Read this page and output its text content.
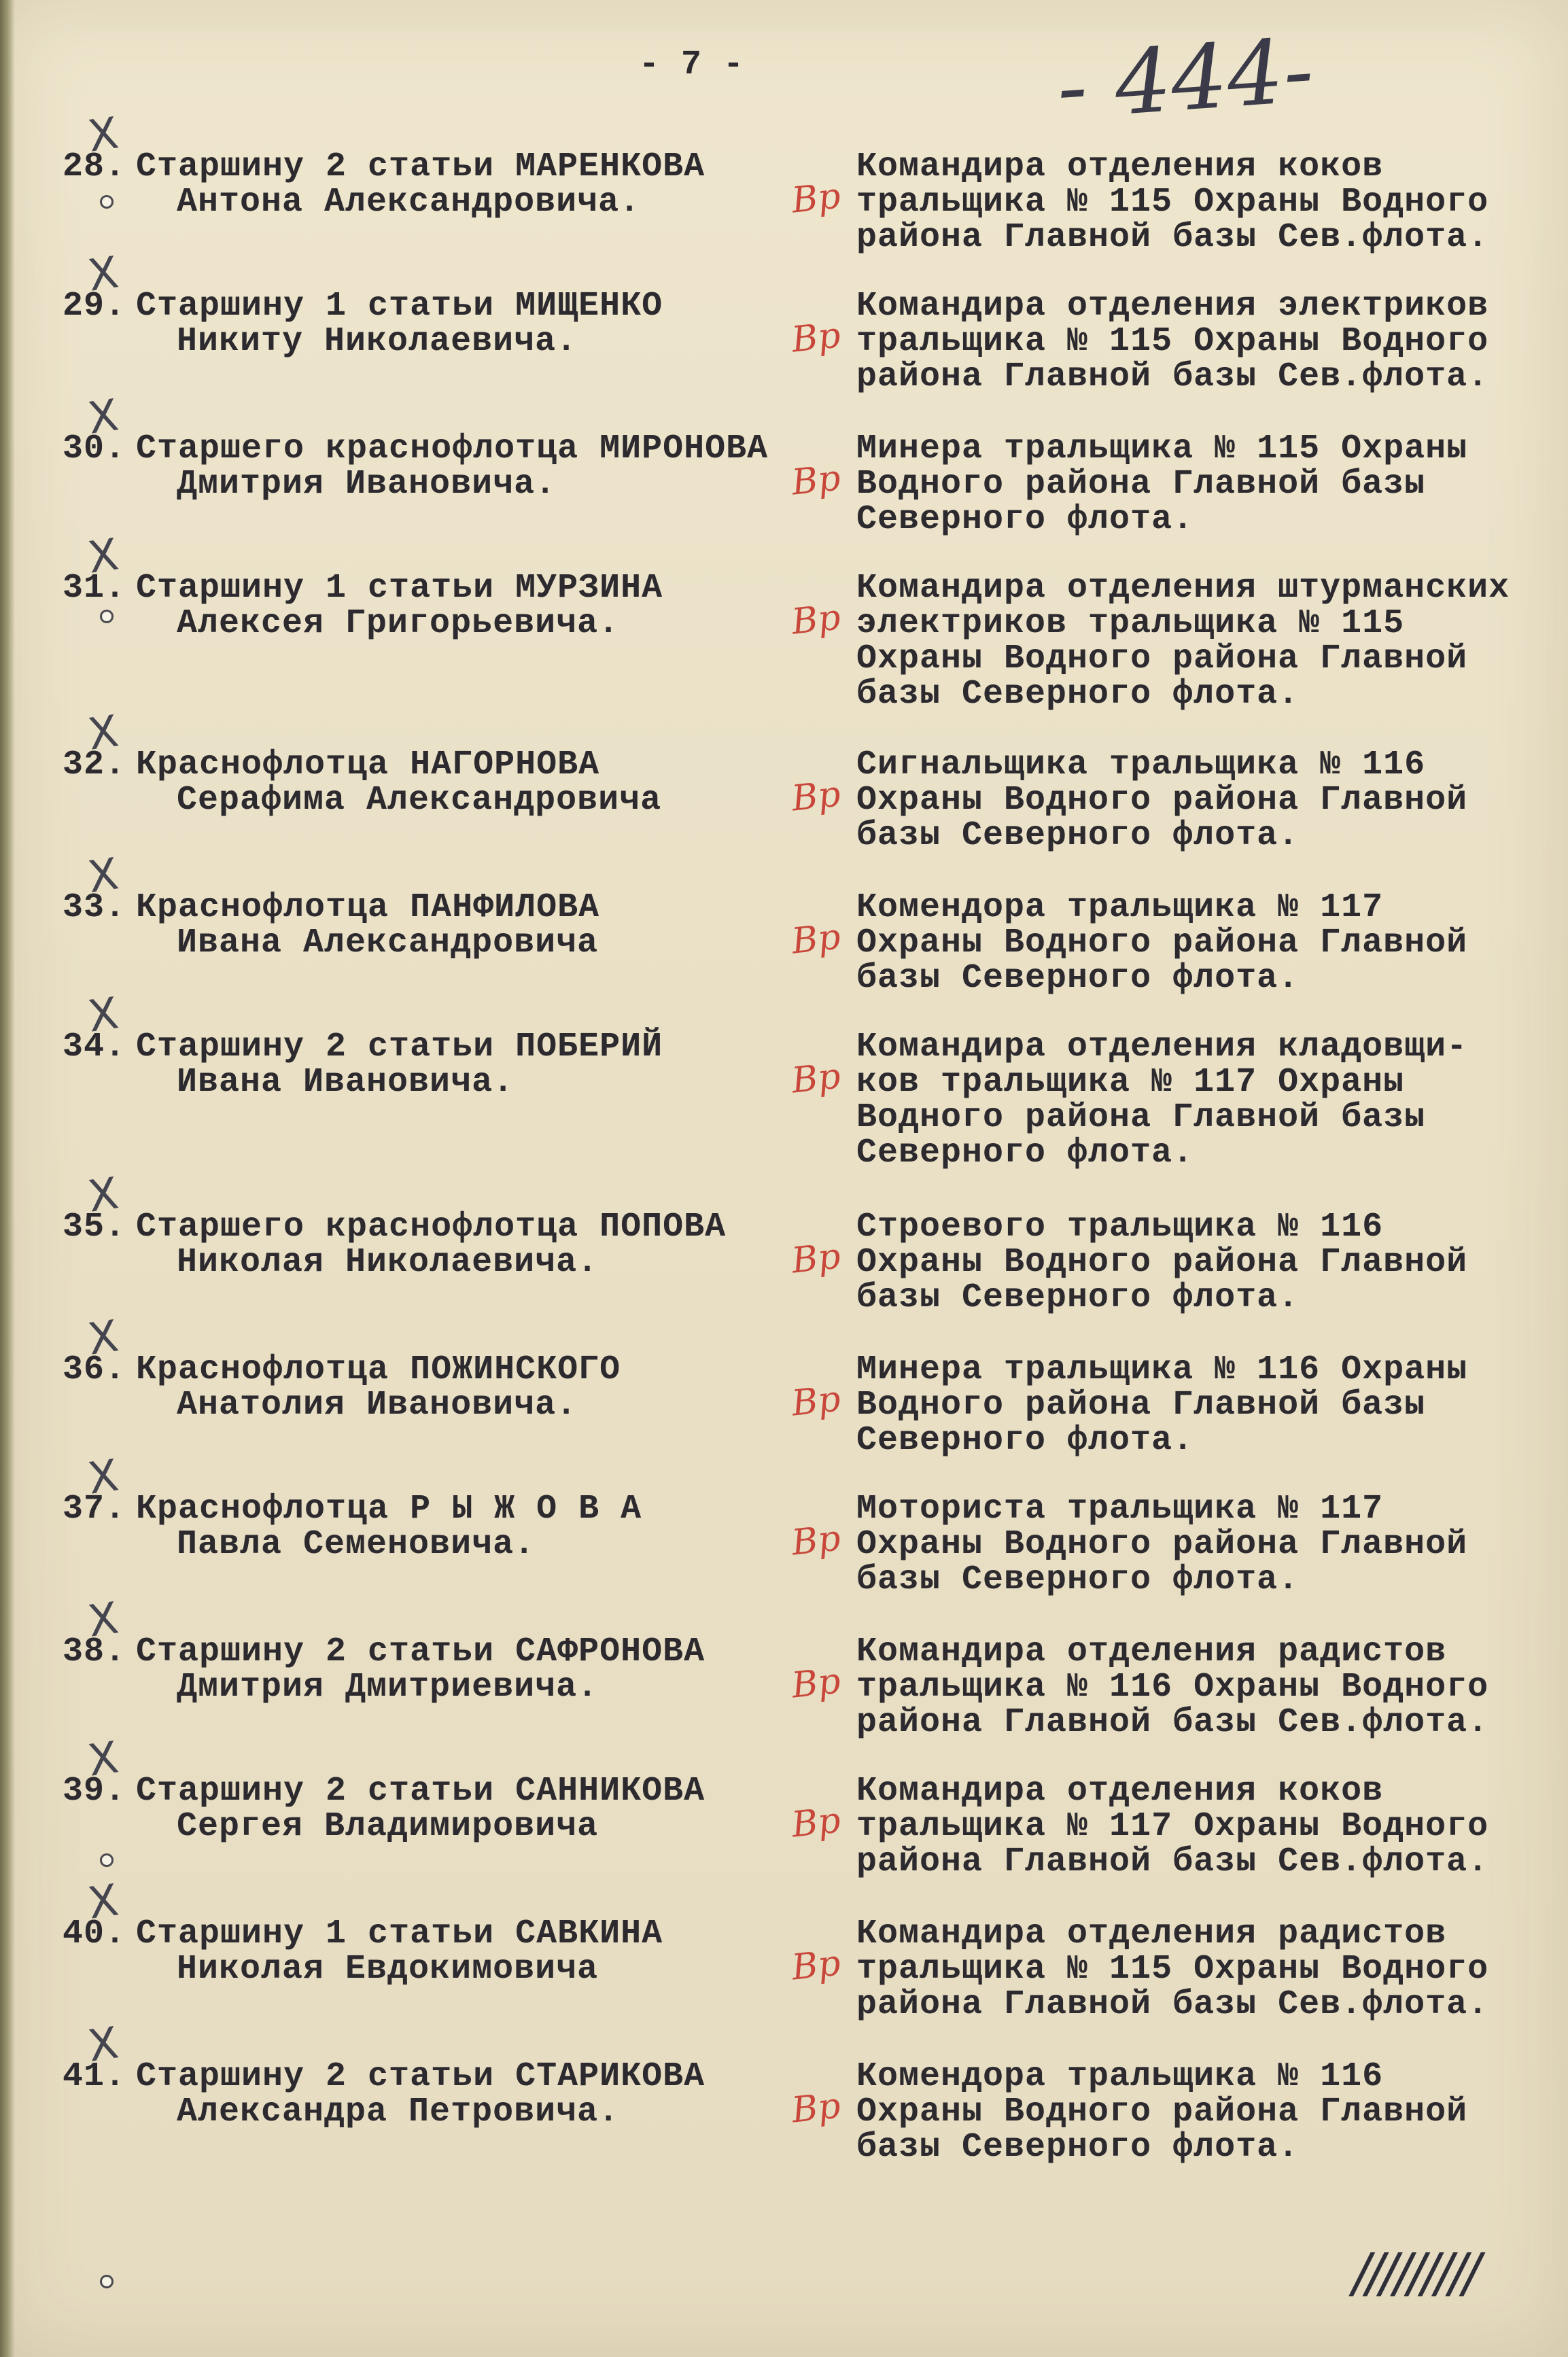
- 7 -	- 444-
Х
28. Старшину 2 статьи МАРЕНКОВА
Антона Александровича.	Вр
Командира отделения коков
тральщика № 115 Охраны Водного
района Главной базы Сев.флота.
Х
29. Старшину 1 статьи МИЩЕНКО
Никиту Николаевича.	Вр
Командира отделения электриков
тральщика № 115 Охраны Водного
района Главной базы Сев.флота.
Х
30. Старшего краснофлотца МИРОНОВА
Дмитрия Ивановича.	Вр
Минера тральщика № 115 Охраны
Водного района Главной базы
Северного флота.
Х
31. Старшину 1 статьи МУРЗИНА
Алексея Григорьевича.	Вр
Командира отделения штурманских
электриков тральщика № 115
Охраны Водного района Главной
базы Северного флота.
Х
32. Краснофлотца НАГОРНОВА
Серафима Александровича	Вр
Сигнальщика тральщика № 116
Охраны Водного района Главной
базы Северного флота.
Х
33. Краснофлотца ПАНФИЛОВА
Ивана Александровича	Вр
Комендора тральщика № 117
Охраны Водного района Главной
базы Северного флота.
Х
34. Старшину 2 статьи ПОБЕРИЙ
Ивана Ивановича.	Вр
Командира отделения кладовщи-
ков тральщика № 117 Охраны
Водного района Главной базы
Северного флота.
Х
35. Старшего краснофлотца ПОПОВА
Николая Николаевича.	Вр
Строевого тральщика № 116
Охраны Водного района Главной
базы Северного флота.
Х
36. Краснофлотца ПОЖИНСКОГО
Анатолия Ивановича.	Вр
Минера тральщика № 116 Охраны
Водного района Главной базы
Северного флота.
Х
37. Краснофлотца Р Ы Ж О В А
Павла Семеновича.	Вр
Моториста тральщика № 117
Охраны Водного района Главной
базы Северного флота.
Х
38. Старшину 2 статьи САФРОНОВА
Дмитрия Дмитриевича.	Вр
Командира отделения радистов
тральщика № 116 Охраны Водного
района Главной базы Сев.флота.
Х
39. Старшину 2 статьи САННИКОВА
Сергея Владимировича	Вр
Командира отделения коков
тральщика № 117 Охраны Водного
района Главной базы Сев.флота.
Х
40. Старшину 1 статьи САВКИНА
Николая Евдокимовича	Вр
Командира отделения радистов
тральщика № 115 Охраны Водного
района Главной базы Сев.флота.
Х
41. Старшину 2 статьи СТАРИКОВА
Александра Петровича.	Вр
Комендора тральщика № 116
Охраны Водного района Главной
базы Северного флота.
/////////
